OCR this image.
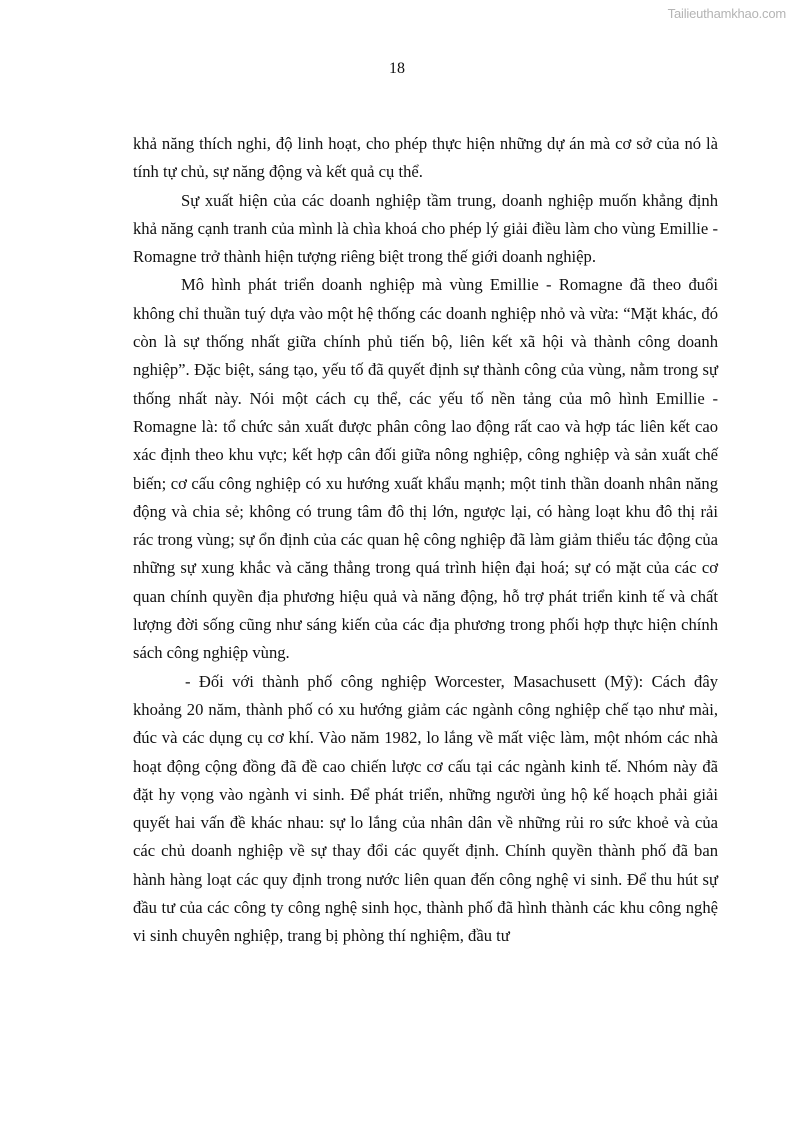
Tailieuthamkhao.com
18

khả năng thích nghi, độ linh hoạt, cho phép thực hiện những dự án mà cơ sở của nó là tính tự chủ, sự năng động và kết quả cụ thể.

Sự xuất hiện của các doanh nghiệp tầm trung, doanh nghiệp muốn khẳng định khả năng cạnh tranh của mình là chìa khoá cho phép lý giải điều làm cho vùng Emillie - Romagne trở thành hiện tượng riêng biệt trong thế giới doanh nghiệp.

Mô hình phát triển doanh nghiệp mà vùng Emillie - Romagne đã theo đuổi không chỉ thuần tuý dựa vào một hệ thống các doanh nghiệp nhỏ và vừa: “Mặt khác, đó còn là sự thống nhất giữa chính phủ tiến bộ, liên kết xã hội và thành công doanh nghiệp”. Đặc biệt, sáng tạo, yếu tố đã quyết định sự thành công của vùng, nằm trong sự thống nhất này. Nói một cách cụ thể, các yếu tố nền tảng của mô hình Emillie - Romagne là: tổ chức sản xuất được phân công lao động rất cao và hợp tác liên kết cao xác định theo khu vực; kết hợp cân đối giữa nông nghiệp, công nghiệp và sản xuất chế biến; cơ cấu công nghiệp có xu hướng xuất khẩu mạnh; một tinh thần doanh nhân năng động và chia sẻ; không có trung tâm đô thị lớn, ngược lại, có hàng loạt khu đô thị rải rác trong vùng; sự ổn định của các quan hệ công nghiệp đã làm giảm thiểu tác động của những sự xung khắc và căng thẳng trong quá trình hiện đại hoá; sự có mặt của các cơ quan chính quyền địa phương hiệu quả và năng động, hỗ trợ phát triển kinh tế và chất lượng đời sống cũng như sáng kiến của các địa phương trong phối hợp thực hiện chính sách công nghiệp vùng.

- Đối với thành phố công nghiệp Worcester, Masachusett (Mỹ): Cách đây khoảng 20 năm, thành phố có xu hướng giảm các ngành công nghiệp chế tạo như mài, đúc và các dụng cụ cơ khí. Vào năm 1982, lo lắng về mất việc làm, một nhóm các nhà hoạt động cộng đồng đã đề cao chiến lược cơ cấu tại các ngành kinh tế. Nhóm này đã đặt hy vọng vào ngành vi sinh. Để phát triển, những người ủng hộ kế hoạch phải giải quyết hai vấn đề khác nhau: sự lo lắng của nhân dân về những rủi ro sức khoẻ và của các chủ doanh nghiệp về sự thay đổi các quyết định. Chính quyền thành phố đã ban hành hàng loạt các quy định trong nước liên quan đến công nghệ vi sinh. Để thu hút sự đầu tư của các công ty công nghệ sinh học, thành phố đã hình thành các khu công nghệ vi sinh chuyên nghiệp, trang bị phòng thí nghiệm, đầu tư
